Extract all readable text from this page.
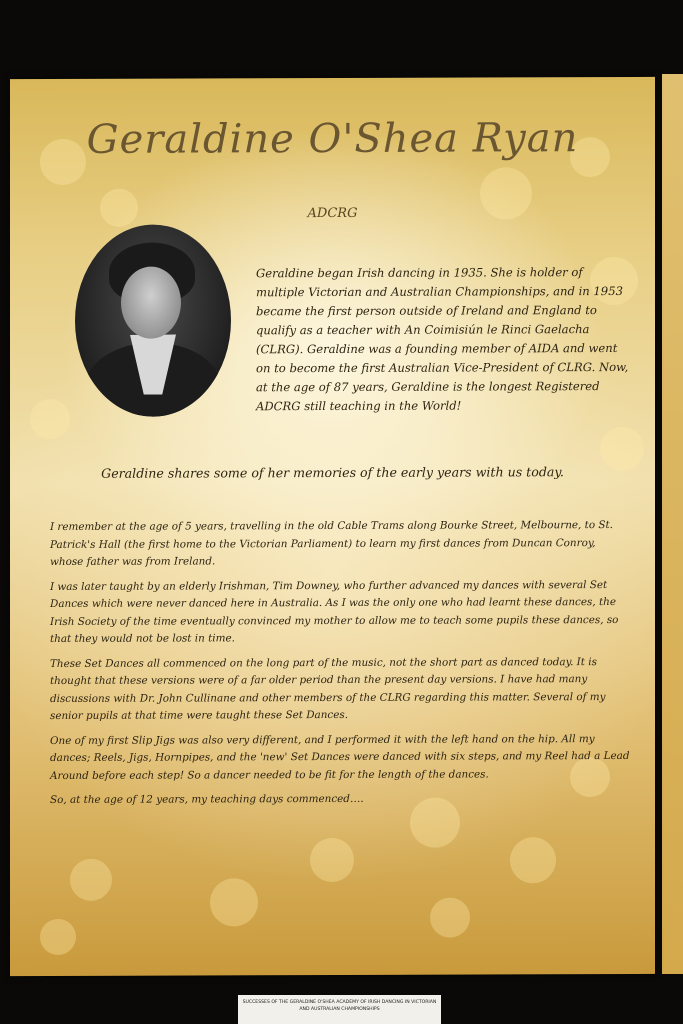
Geraldine O'Shea Ryan
ADCRG
Geraldine began Irish dancing in 1935. She is holder of multiple Victorian and Australian Championships, and in 1953 became the first person outside of Ireland and England to qualify as a teacher with An Coimisiún le Rinci Gaelacha (CLRG). Geraldine was a founding member of AIDA and went on to become the first Australian Vice-President of CLRG. Now, at the age of 87 years, Geraldine is the longest Registered ADCRG still teaching in the World!
Geraldine shares some of her memories of the early years with us today.

I remember at the age of 5 years, travelling in the old Cable Trams along Bourke Street, Melbourne, to St. Patrick's Hall (the first home to the Victorian Parliament) to learn my first dances from Duncan Conroy, whose father was from Ireland.

I was later taught by an elderly Irishman, Tim Downey, who further advanced my dances with several Set Dances which were never danced here in Australia. As I was the only one who had learnt these dances, the Irish Society of the time eventually convinced my mother to allow me to teach some pupils these dances, so that they would not be lost in time.

These Set Dances all commenced on the long part of the music, not the short part as danced today. It is thought that these versions were of a far older period than the present day versions. I have had many discussions with Dr. John Cullinane and other members of the CLRG regarding this matter. Several of my senior pupils at that time were taught these Set Dances.

One of my first Slip Jigs was also very different, and I performed it with the left hand on the hip. All my dances; Reels, Jigs, Hornpipes, and the 'new' Set Dances were danced with six steps, and my Reel had a Lead Around before each step! So a dancer needed to be fit for the length of the dances.

So, at the age of 12 years, my teaching days commenced….

SUCCESSES OF THE GERALDINE O'SHEA ACADEMY OF IRISH DANCING IN VICTORIAN AND AUSTRALIAN CHAMPIONSHIPS
